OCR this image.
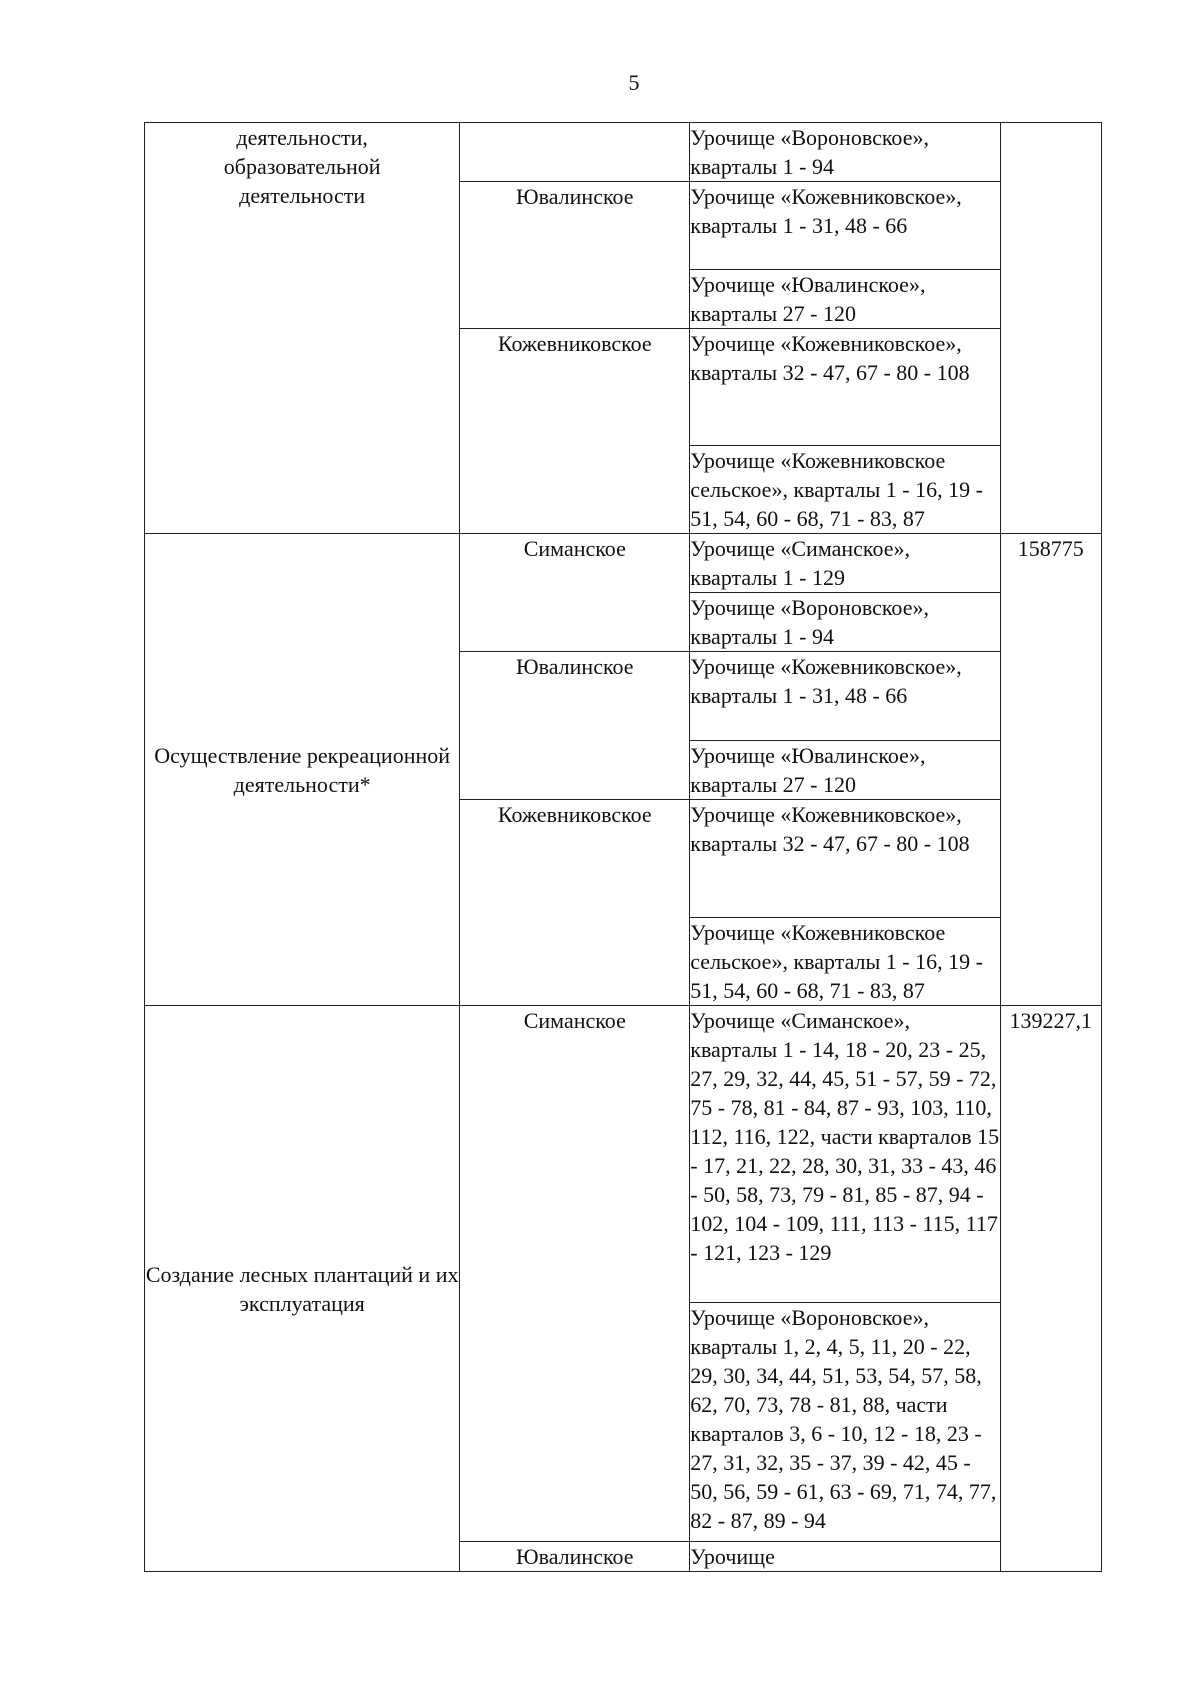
5
деятельности,
образовательной
деятельности		Урочище «Вороновское», кварталы 1 - 94	

	Ювалинское	Урочище «Кожевниковское», кварталы 1 - 31, 48 - 66	

		Урочище «Ювалинское», кварталы 27 - 120	

	Кожевниковское	Урочище «Кожевниковское», кварталы 32 - 47, 67 - 80 - 108	

		Урочище «Кожевниковское сельское», кварталы 1 - 16, 19 - 51, 54, 60 - 68, 71 - 83, 87	

Осуществление рекреационной деятельности*	Симанское	Урочище «Симанское», кварталы 1 - 129	158775

		Урочище «Вороновское», кварталы 1 - 94	

	Ювалинское	Урочище «Кожевниковское», кварталы 1 - 31, 48 - 66	

		Урочище «Ювалинское», кварталы 27 - 120	

	Кожевниковское	Урочище «Кожевниковское», кварталы 32 - 47, 67 - 80 - 108	

		Урочище «Кожевниковское сельское», кварталы 1 - 16, 19 - 51, 54, 60 - 68, 71 - 83, 87	

Создание лесных плантаций и их эксплуатация	Симанское	Урочище «Симанское», кварталы 1 - 14, 18 - 20, 23 - 25, 27, 29, 32, 44, 45, 51 - 57, 59 - 72, 75 - 78, 81 - 84, 87 - 93, 103, 110, 112, 116, 122, части кварталов 15 - 17, 21, 22, 28, 30, 31, 33 - 43, 46 - 50, 58, 73, 79 - 81, 85 - 87, 94 - 102, 104 - 109, 111, 113 - 115, 117 - 121, 123 - 129	139227,1

		Урочище «Вороновское», кварталы 1, 2, 4, 5, 11, 20 - 22, 29, 30, 34, 44, 51, 53, 54, 57, 58, 62, 70, 73, 78 - 81, 88, части кварталов 3, 6 - 10, 12 - 18, 23 - 27, 31, 32, 35 - 37, 39 - 42, 45 - 50, 56, 59 - 61, 63 - 69, 71, 74, 77, 82 - 87, 89 - 94	

	Ювалинское	Урочище	
